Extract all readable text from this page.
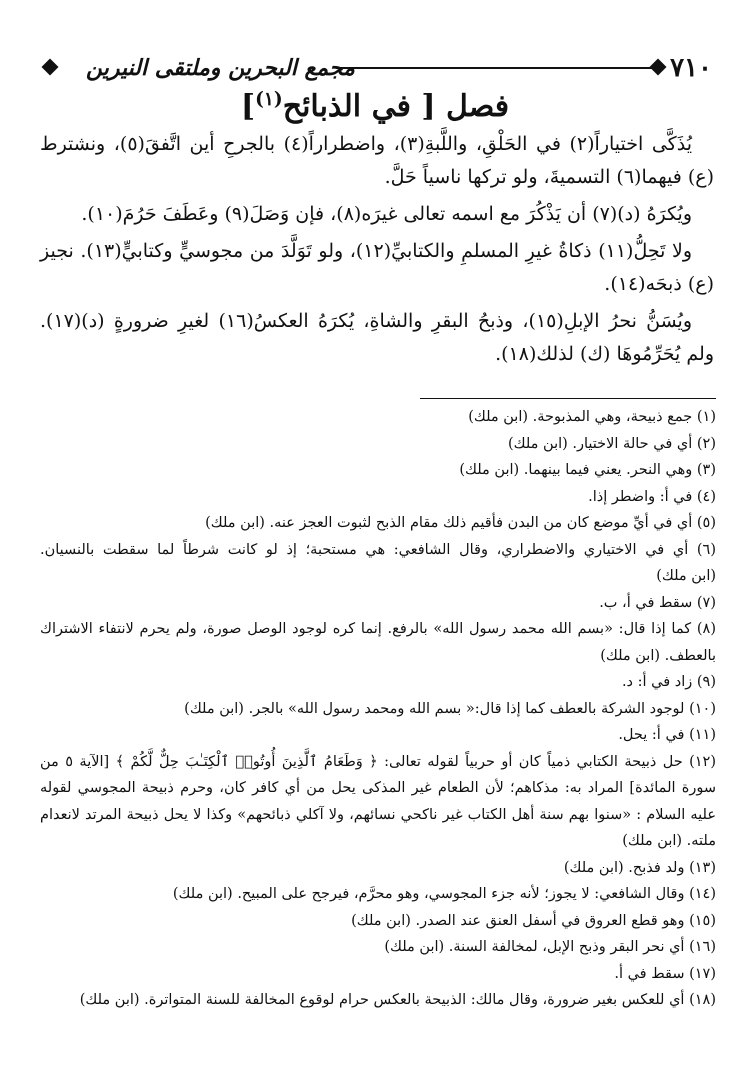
٧١٠
مجمع البحرين وملتقى النيرين
فصل [ في الذبائح$^{(١)}$]

يُذَكَّى اختياراً(٢) في الحَلْقِ، واللَّبةِ(٣)، واضطراراً(٤) بالجرحِ أين اتَّفقَ(٥)، ونشترط (ع) فيهما(٦) التسميةَ، ولو تركها ناسياً حَلَّ.

ويُكرَهُ (د)(٧) أن يَذْكُرَ مع اسمه تعالى غيرَه(٨)، فإن وَصَلَ(٩) وعَطَفَ حَرُمَ(١٠).

ولا تَحِلُّ(١١) ذكاةُ غيرِ المسلمِ والكتابيِّ(١٢)، ولو تَوَلَّدَ من مجوسيٍّ وكتابيٍّ(١٣). نجيز (ع) ذبحَه(١٤).

ويُسَنُّ نحرُ الإبلِ(١٥)، وذبحُ البقرِ والشاةِ، يُكرَهُ العكسُ(١٦) لغيرِ ضرورةٍ (د)(١٧). ولم يُحَرِّمُوهَا (ك) لذلك(١٨).

(١) جمع ذبيحة، وهي المذبوحة. (ابن ملك)

(٢) أي في حالة الاختيار. (ابن ملك)

(٣) وهي النحر. يعني فيما بينهما. (ابن ملك)

(٤) في أ: واضطر إذا.

(٥) أي في أيِّ موضع كان من البدن فأقيم ذلك مقام الذبح لثبوت العجز عنه. (ابن ملك)

(٦) أي في الاختياري والاضطراري، وقال الشافعي: هي مستحبة؛ إذ لو كانت شرطاً لما سقطت بالنسيان. (ابن ملك)

(٧) سقط في أ، ب.

(٨) كما إذا قال: «بسم الله محمد رسول الله» بالرفع. إنما كره لوجود الوصل صورة، ولم يحرم لانتفاء الاشتراك بالعطف. (ابن ملك)

(٩) زاد في أ: د.

(١٠) لوجود الشركة بالعطف كما إذا قال:« بسم الله ومحمد رسول الله» بالجر. (ابن ملك)

(١١) في أ: يحل.

(١٢) حل ذبيحة الكتابي ذمياً كان أو حربياً لقوله تعالى: ﴿ وَطَعَامُ ٱلَّذِينَ أُوتُوا۟ ٱلْكِتَـٰبَ حِلٌّ لَّكُمْ ﴾ [الآية ٥ من سورة المائدة] المراد به: مذكاهم؛ لأن الطعام غير المذكى يحل من أي كافر كان، وحرم ذبيحة المجوسي لقوله عليه السلام : «سنوا بهم سنة أهل الكتاب غير ناكحي نسائهم، ولا آكلي ذبائحهم» وكذا لا يحل ذبيحة المرتد لانعدام ملته. (ابن ملك)

(١٣) ولد فذبح. (ابن ملك)

(١٤) وقال الشافعي: لا يجوز؛ لأنه جزء المجوسي، وهو محرَّم، فيرجح على المبيح. (ابن ملك)

(١٥) وهو قطع العروق في أسفل العنق عند الصدر. (ابن ملك)

(١٦) أي نحر البقر وذبح الإبل، لمخالفة السنة. (ابن ملك)

(١٧) سقط في أ.

(١٨) أي للعكس بغير ضرورة، وقال مالك: الذبيحة بالعكس حرام لوقوع المخالفة للسنة المتواترة. (ابن ملك)
